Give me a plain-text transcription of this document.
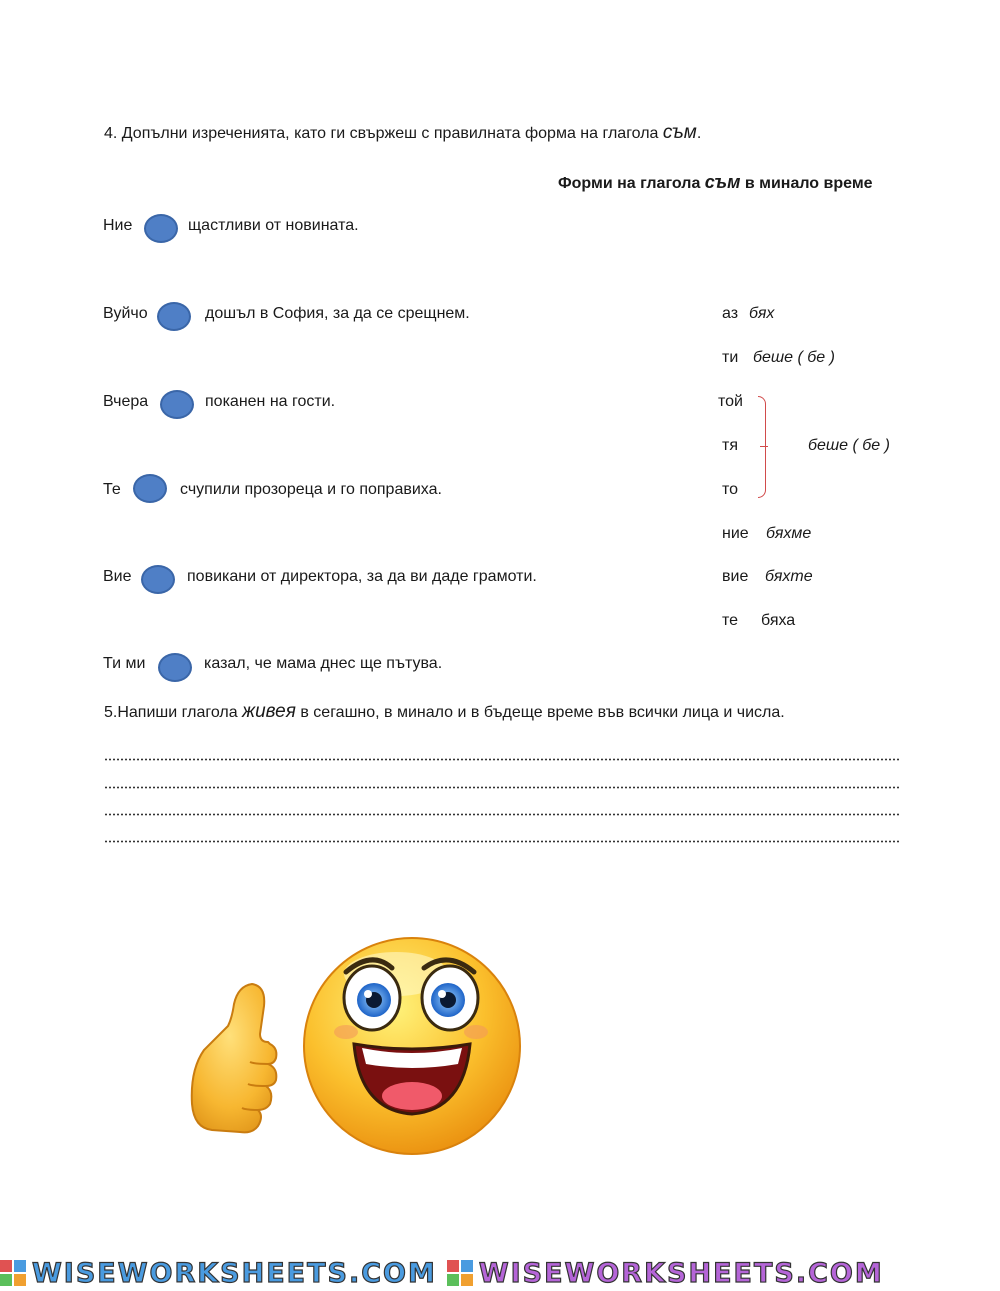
4. Допълни изреченията, като ги свържеш с правилната форма на глагола съм.
Форми на глагола съм в минало време
Ние	щастливи от новината.
Вуйчо	дошъл в София, за да се срещнем.
Вчера	поканен на гости.
Те	счупили прозореца и го поправиха.
Вие	повикани от директора, за да ви даде грамоти.
Ти ми	казал, че мама днес ще пътува.
аз бях
ти беше ( бе )
той
тя
то
беше ( бе )
ние бяхме
вие бяхте
те бяха
5.Напиши глагола живея в сегашно, в минало и в бъдеще време във всички лица и числа.
WISEWORKSHEETS.COM WISEWORKSHEETS.COM
